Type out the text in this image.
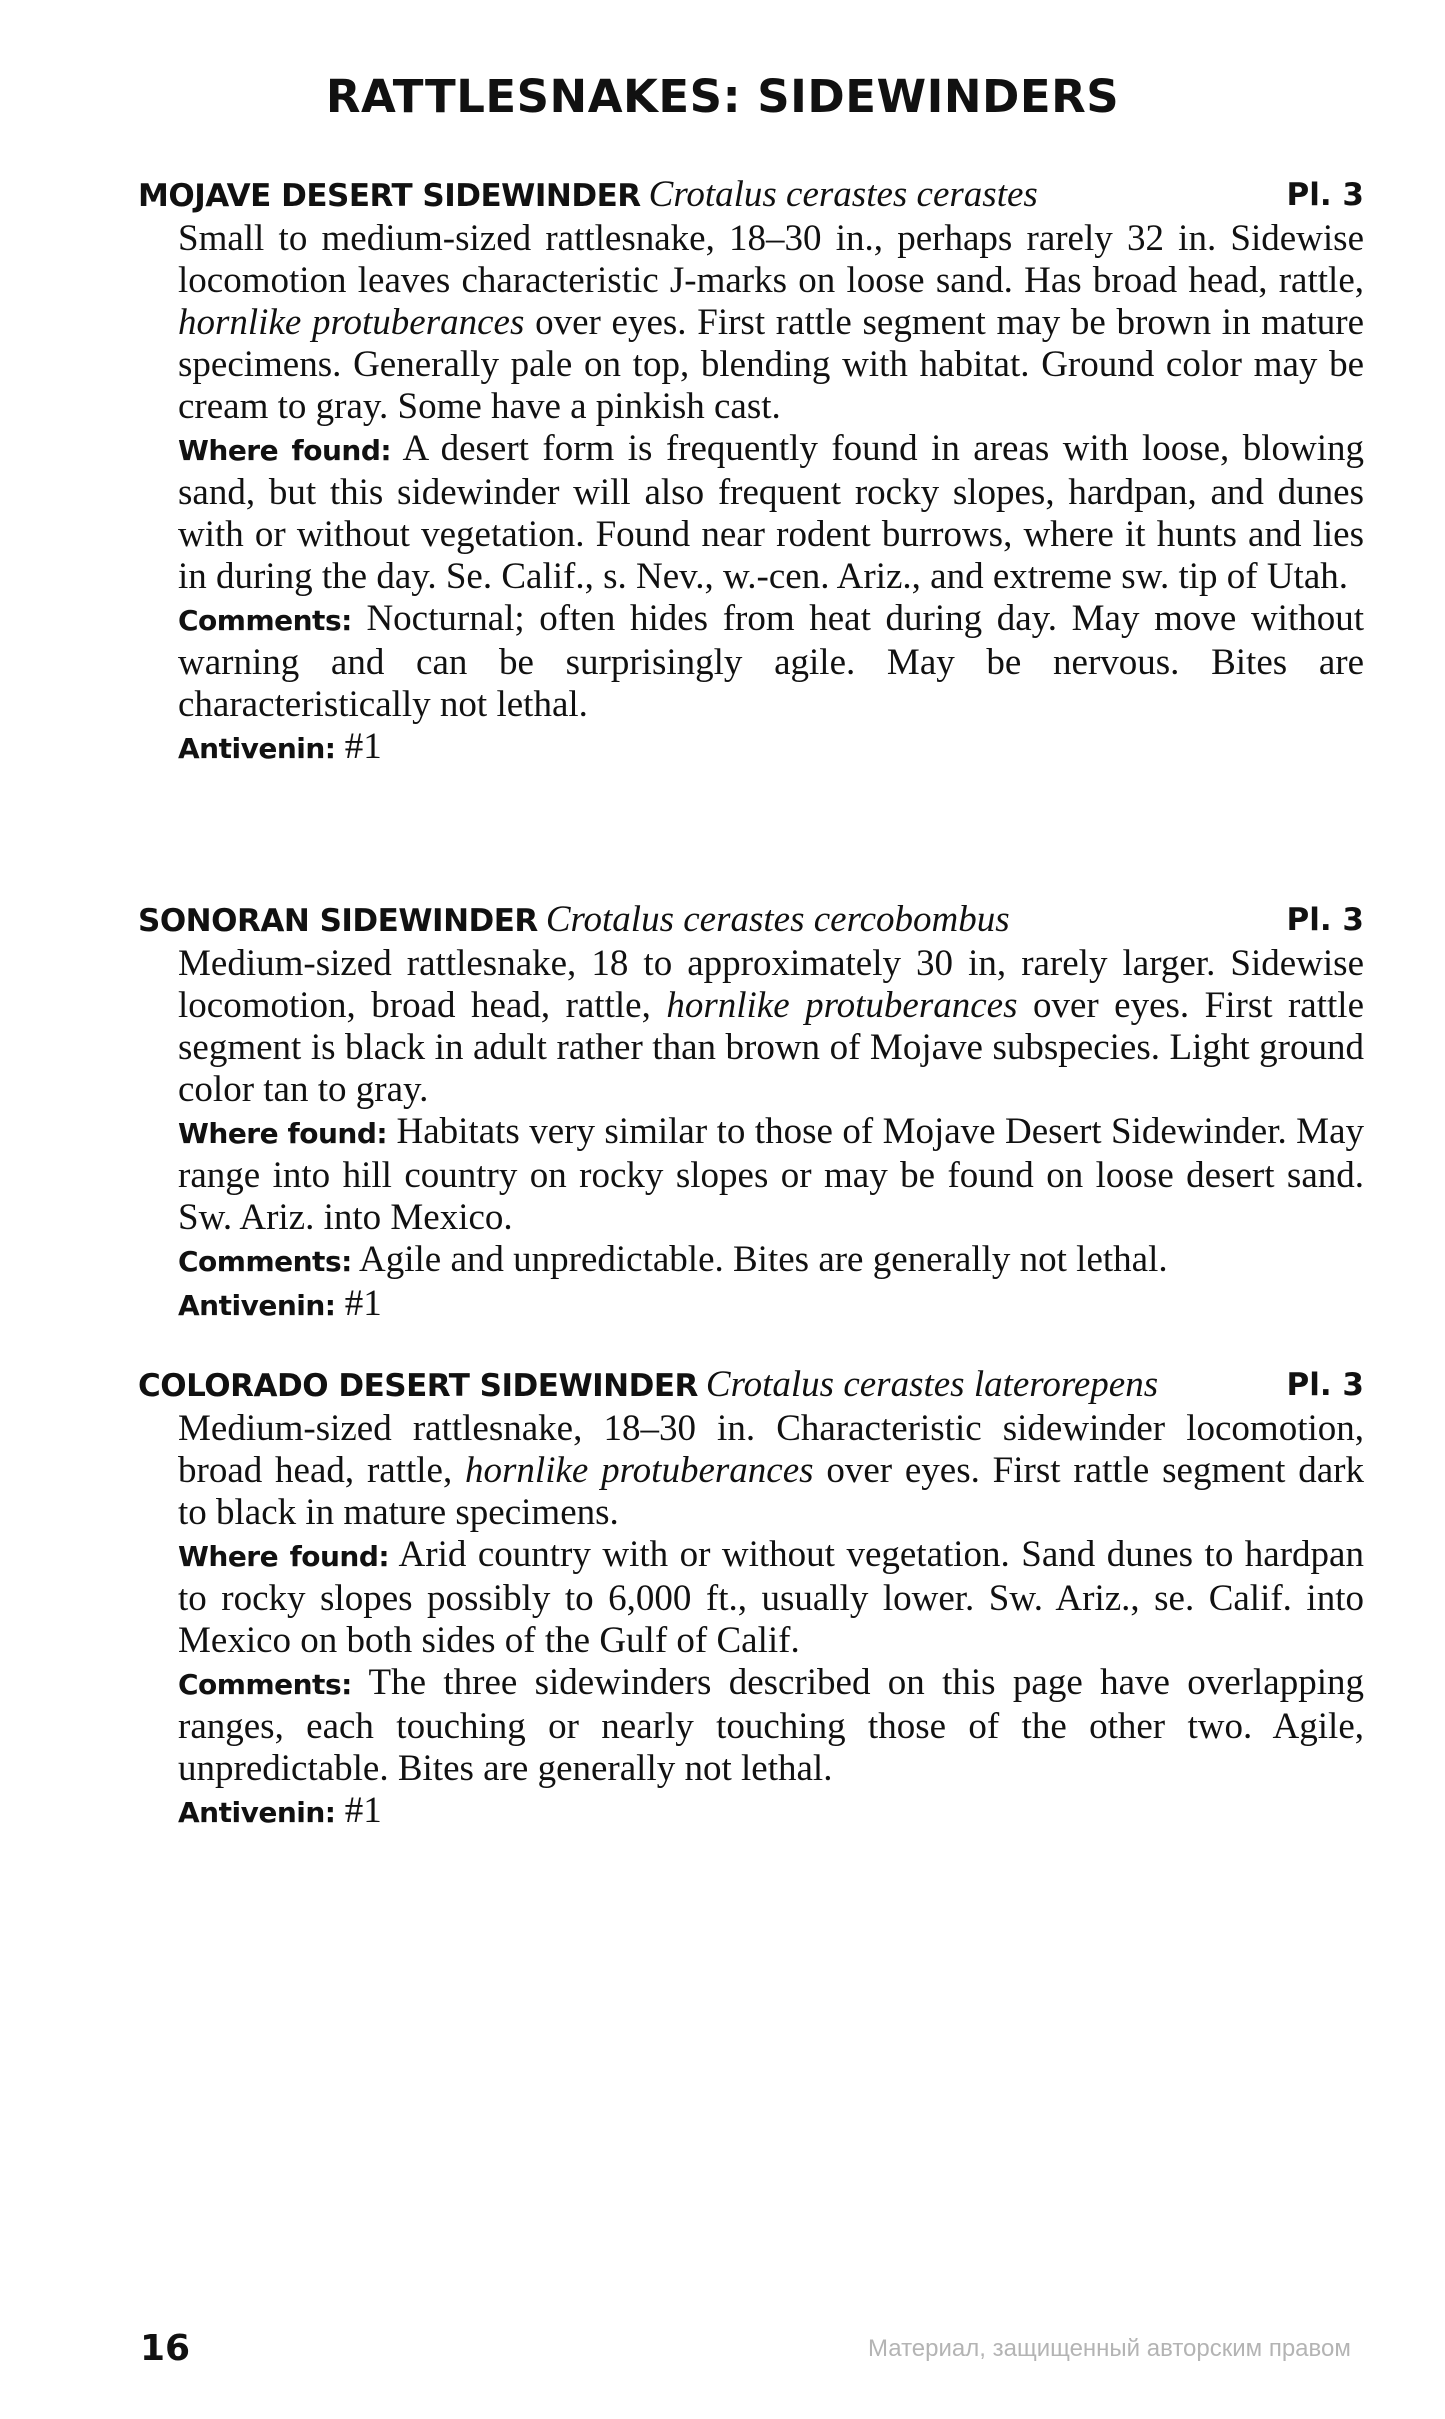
RATTLESNAKES: SIDEWINDERS
MOJAVE DESERT SIDEWINDER Crotalus cerastes cerastes	Pl. 3

Small to medium-sized rattlesnake, 18–30 in., perhaps rarely 32 in. Sidewise locomotion leaves characteristic J-marks on loose sand. Has broad head, rattle, hornlike protuberances over eyes. First rattle segment may be brown in mature specimens. Generally pale on top, blending with habitat. Ground color may be cream to gray. Some have a pinkish cast.

Where found: A desert form is frequently found in areas with loose, blowing sand, but this sidewinder will also frequent rocky slopes, hardpan, and dunes with or without vegetation. Found near rodent burrows, where it hunts and lies in during the day. Se. Calif., s. Nev., w.-cen. Ariz., and extreme sw. tip of Utah.

Comments: Nocturnal; often hides from heat during day. May move without warning and can be surprisingly agile. May be nervous. Bites are characteristically not lethal.

Antivenin: #1

SONORAN SIDEWINDER Crotalus cerastes cercobombus	Pl. 3

Medium-sized rattlesnake, 18 to approximately 30 in, rarely larger. Sidewise locomotion, broad head, rattle, hornlike protuberances over eyes. First rattle segment is black in adult rather than brown of Mojave subspecies. Light ground color tan to gray.

Where found: Habitats very similar to those of Mojave Desert Sidewinder. May range into hill country on rocky slopes or may be found on loose desert sand. Sw. Ariz. into Mexico.

Comments: Agile and unpredictable. Bites are generally not lethal.

Antivenin: #1

COLORADO DESERT SIDEWINDER Crotalus cerastes laterorepens	Pl. 3

Medium-sized rattlesnake, 18–30 in. Characteristic sidewinder locomotion, broad head, rattle, hornlike protuberances over eyes. First rattle segment dark to black in mature specimens.

Where found: Arid country with or without vegetation. Sand dunes to hardpan to rocky slopes possibly to 6,000 ft., usually lower. Sw. Ariz., se. Calif. into Mexico on both sides of the Gulf of Calif.

Comments: The three sidewinders described on this page have overlapping ranges, each touching or nearly touching those of the other two. Agile, unpredictable. Bites are generally not lethal.

Antivenin: #1

16	Материал, защищенный авторским правом
